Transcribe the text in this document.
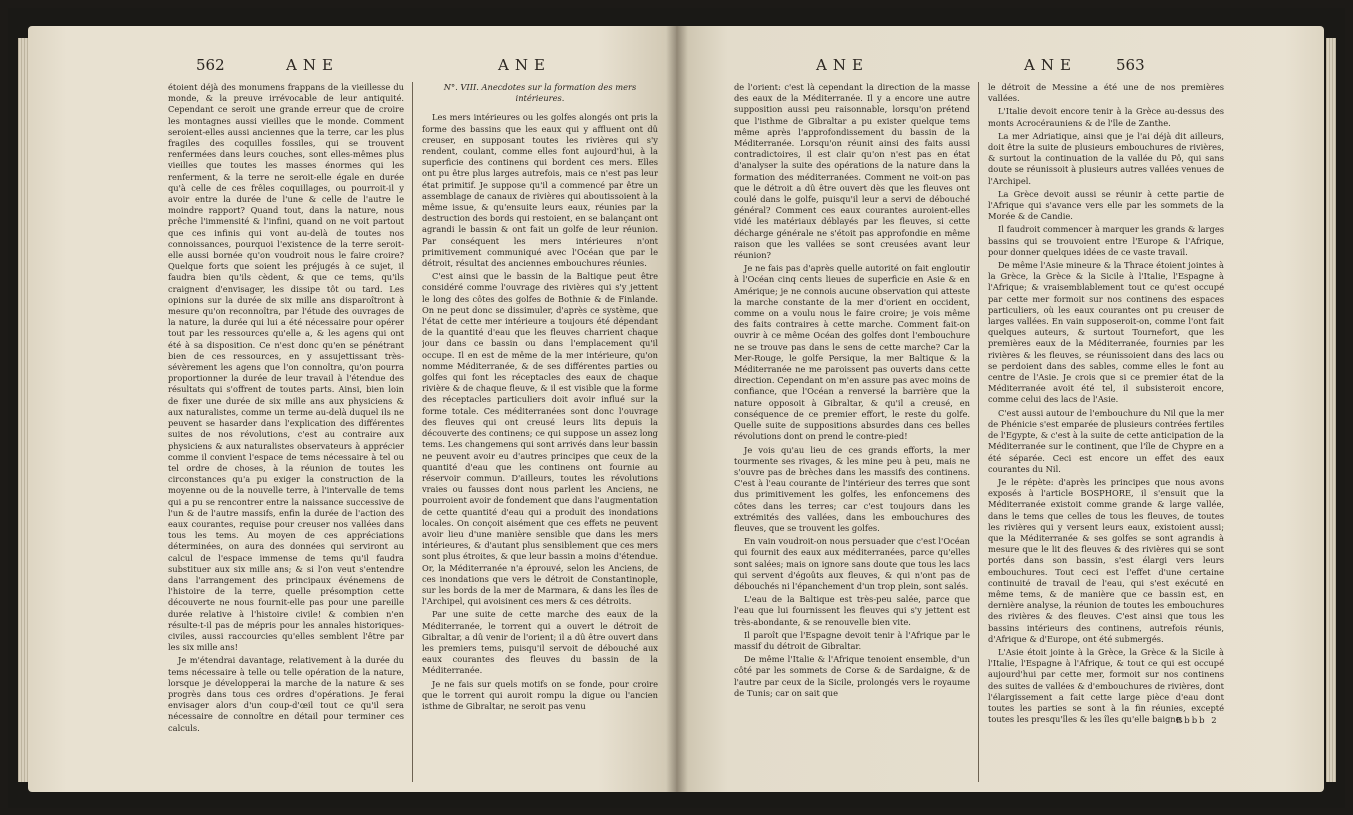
562	ANE	ANE

étoient déjà des monumens frappans de la vieillesse du monde, & la preuve irrévocable de leur antiquité. Cependant ce seroit une grande erreur que de croire les montagnes aussi vieilles que le monde. Comment seroient-elles aussi anciennes que la terre, car les plus fragiles des coquilles fossiles, qui se trouvent renfermées dans leurs couches, sont elles-mêmes plus vieilles que toutes les masses énormes qui les renferment, & la terre ne seroit-elle égale en durée qu'à celle de ces frêles coquillages, ou pourroit-il y avoir entre la durée de l'une & celle de l'autre le moindre rapport? Quand tout, dans la nature, nous prêche l'immensité & l'infini, quand on ne voit partout que ces infinis qui vont au-delà de toutes nos connoissances, pourquoi l'existence de la terre seroit-elle aussi bornée qu'on voudroit nous le faire croire? Quelque forts que soient les préjugés à ce sujet, il faudra bien qu'ils cèdent, & que ce tems, qu'ils craignent d'envisager, les dissipe tôt ou tard. Les opinions sur la durée de six mille ans disparoîtront à mesure qu'on reconnoîtra, par l'étude des ouvrages de la nature, la durée qui lui a été nécessaire pour opérer tout par les ressources qu'elle a, & les agens qui ont été à sa disposition. Ce n'est donc qu'en se pénétrant bien de ces ressources, en y assujettissant très-sévèrement les agens que l'on connoîtra, qu'on pourra proportionner la durée de leur travail à l'étendue des résultats qui s'offrent de toutes parts. Ainsi, bien loin de fixer une durée de six mille ans aux physiciens & aux naturalistes, comme un terme au-delà duquel ils ne peuvent se hasarder dans l'explication des différentes suites de nos révolutions, c'est au contraire aux physiciens & aux naturalistes observateurs à apprécier comme il convient l'espace de tems nécessaire à tel ou tel ordre de choses, à la réunion de toutes les circonstances qu'a pu exiger la construction de la moyenne ou de la nouvelle terre, à l'intervalle de tems qui a pu se rencontrer entre la naissance successive de l'un & de l'autre massifs, enfin la durée de l'action des eaux courantes, requise pour creuser nos vallées dans tous les tems. Au moyen de ces appréciations déterminées, on aura des données qui serviront au calcul de l'espace immense de tems qu'il faudra substituer aux six mille ans; & si l'on veut s'entendre dans l'arrangement des principaux événemens de l'histoire de la terre, quelle présomption cette découverte ne nous fournit-elle pas pour une pareille durée relative à l'histoire civile! & combien n'en résulte-t-il pas de mépris pour les annales historiques-civiles, aussi raccourcies qu'elles semblent l'être par les six mille ans!

Je m'étendrai davantage, relativement à la durée du tems nécessaire à telle ou telle opération de la nature, lorsque je développerai la marche de la nature & ses progrès dans tous ces ordres d'opérations. Je ferai envisager alors d'un coup-d'œil tout ce qu'il sera nécessaire de connoître en détail pour terminer ces calculs.

N°. VIII. Anecdotes sur la formation des mers intérieures.

Les mers intérieures ou les golfes alongés ont pris la forme des bassins que les eaux qui y affluent ont dû creuser, en supposant toutes les rivières qui s'y rendent, coulant, comme elles font aujourd'hui, à la superficie des continens qui bordent ces mers. Elles ont pu être plus larges autrefois, mais ce n'est pas leur état primitif. Je suppose qu'il a commencé par être un assemblage de canaux de rivières qui aboutissoient à la même issue, & qu'ensuite leurs eaux, réunies par la destruction des bords qui restoient, en se balançant ont agrandi le bassin & ont fait un golfe de leur réunion. Par conséquent les mers intérieures n'ont primitivement communiqué avec l'Océan que par le détroit, résultat des anciennes embouchures réunies.

C'est ainsi que le bassin de la Baltique peut être considéré comme l'ouvrage des rivières qui s'y jettent le long des côtes des golfes de Bothnie & de Finlande. On ne peut donc se dissimuler, d'après ce système, que l'état de cette mer intérieure a toujours été dépendant de la quantité d'eau que les fleuves charrient chaque jour dans ce bassin ou dans l'emplacement qu'il occupe. Il en est de même de la mer intérieure, qu'on nomme Méditerranée, & de ses différentes parties ou golfes qui font les réceptacles des eaux de chaque rivière & de chaque fleuve, & il est visible que la forme des réceptacles particuliers doit avoir influé sur la forme totale. Ces méditerranées sont donc l'ouvrage des fleuves qui ont creusé leurs lits depuis la découverte des continens; ce qui suppose un assez long tems. Les changemens qui sont arrivés dans leur bassin ne peuvent avoir eu d'autres principes que ceux de la quantité d'eau que les continens ont fournie au réservoir commun. D'ailleurs, toutes les révolutions vraies ou fausses dont nous parlent les Anciens, ne pourroient avoir de fondement que dans l'augmentation de cette quantité d'eau qui a produit des inondations locales. On conçoit aisément que ces effets ne peuvent avoir lieu d'une manière sensible que dans les mers intérieures, & d'autant plus sensiblement que ces mers sont plus étroites, & que leur bassin a moins d'étendue. Or, la Méditerranée n'a éprouvé, selon les Anciens, de ces inondations que vers le détroit de Constantinople, sur les bords de la mer de Marmara, & dans les îles de l'Archipel, qui avoisinent ces mers & ces détroits.

Par une suite de cette marche des eaux de la Méditerranée, le torrent qui a ouvert le détroit de Gibraltar, a dû venir de l'orient; il a dû être ouvert dans les premiers tems, puisqu'il servoit de débouché aux eaux courantes des fleuves du bassin de la Méditerranée.

Je ne fais sur quels motifs on se fonde, pour croire que le torrent qui auroit rompu la digue ou l'ancien isthme de Gibraltar, ne seroit pas venu

ANE	ANE	563

de l'orient: c'est là cependant la direction de la masse des eaux de la Méditerranée. Il y a encore une autre supposition aussi peu raisonnable, lorsqu'on prétend que l'isthme de Gibraltar a pu exister quelque tems même après l'approfondissement du bassin de la Méditerranée. Lorsqu'on réunit ainsi des faits aussi contradictoires, il est clair qu'on n'est pas en état d'analyser la suite des opérations de la nature dans la formation des méditerranées. Comment ne voit-on pas que le détroit a dû être ouvert dès que les fleuves ont coulé dans le golfe, puisqu'il leur a servi de débouché général? Comment ces eaux courantes auroient-elles vidé les matériaux déblayés par les fleuves, si cette décharge générale ne s'étoit pas approfondie en même raison que les vallées se sont creusées avant leur réunion?

Je ne fais pas d'après quelle autorité on fait engloutir à l'Océan cinq cents lieues de superficie en Asie & en Amérique; je ne connois aucune observation qui atteste la marche constante de la mer d'orient en occident, comme on a voulu nous le faire croire; je vois même des faits contraires à cette marche. Comment fait-on ouvrir à ce même Océan des golfes dont l'embouchure ne se trouve pas dans le sens de cette marche? Car la Mer-Rouge, le golfe Persique, la mer Baltique & la Méditerranée ne me paroissent pas ouverts dans cette direction. Cependant on m'en assure pas avec moins de confiance, que l'Océan a renversé la barrière que la nature opposoit à Gibraltar, & qu'il a creusé, en conséquence de ce premier effort, le reste du golfe. Quelle suite de suppositions absurdes dans ces belles révolutions dont on prend le contre-pied!

Je vois qu'au lieu de ces grands efforts, la mer tourmente ses rivages, & les mine peu à peu, mais ne s'ouvre pas de brèches dans les massifs des continens. C'est à l'eau courante de l'intérieur des terres que sont dus primitivement les golfes, les enfoncemens des côtes dans les terres; car c'est toujours dans les extrémités des vallées, dans les embouchures des fleuves, que se trouvent les golfes.

En vain voudroit-on nous persuader que c'est l'Océan qui fournit des eaux aux méditerranées, parce qu'elles sont salées; mais on ignore sans doute que tous les lacs qui servent d'égoûts aux fleuves, & qui n'ont pas de débouchés ni l'épanchement d'un trop plein, sont salés.

L'eau de la Baltique est très-peu salée, parce que l'eau que lui fournissent les fleuves qui s'y jettent est très-abondante, & se renouvelle bien vite.

Il paroît que l'Espagne devoit tenir à l'Afrique par le massif du détroit de Gibraltar.

De même l'Italie & l'Afrique tenoient ensemble, d'un côté par les sommets de Corse & de Sardaigne, & de l'autre par ceux de la Sicile, prolongés vers le royaume de Tunis; car on sait que

le détroit de Messine a été une de nos premières vallées.

L'Italie devoit encore tenir à la Grèce au-dessus des monts Acrocérauniens & de l'île de Zanthe.

La mer Adriatique, ainsi que je l'ai déjà dit ailleurs, doit être la suite de plusieurs embouchures de rivières, & surtout la continuation de la vallée du Pô, qui sans doute se réunissoit à plusieurs autres vallées venues de l'Archipel.

La Grèce devoit aussi se réunir à cette partie de l'Afrique qui s'avance vers elle par les sommets de la Morée & de Candie.

Il faudroit commencer à marquer les grands & larges bassins qui se trouvoient entre l'Europe & l'Afrique, pour donner quelques idées de ce vaste travail.

De même l'Asie mineure & la Thrace étoient jointes à la Grèce, la Grèce & la Sicile à l'Italie, l'Espagne à l'Afrique; & vraisemblablement tout ce qu'est occupé par cette mer formoit sur nos continens des espaces particuliers, où les eaux courantes ont pu creuser de larges vallées. En vain supposeroit-on, comme l'ont fait quelques auteurs, & surtout Tournefort, que les premières eaux de la Méditerranée, fournies par les rivières & les fleuves, se réunissoient dans des lacs ou se perdoient dans des sables, comme elles le font au centre de l'Asie. Je crois que si ce premier état de la Méditerranée avoit été tel, il subsisteroit encore, comme celui des lacs de l'Asie.

C'est aussi autour de l'embouchure du Nil que la mer de Phénicie s'est emparée de plusieurs contrées fertiles de l'Egypte, & c'est à la suite de cette anticipation de la Méditerranée sur le continent, que l'île de Chypre en a été séparée. Ceci est encore un effet des eaux courantes du Nil.

Je le répète: d'après les principes que nous avons exposés à l'article BOSPHORE, il s'ensuit que la Méditerranée existoit comme grande & large vallée, dans le tems que celles de tous les fleuves, de toutes les rivières qui y versent leurs eaux, existoient aussi; que la Méditerranée & ses golfes se sont agrandis à mesure que le lit des fleuves & des rivières qui se sont portés dans son bassin, s'est élargi vers leurs embouchures. Tout ceci est l'effet d'une certaine continuité de travail de l'eau, qui s'est exécuté en même tems, & de manière que ce bassin est, en dernière analyse, la réunion de toutes les embouchures des rivières & des fleuves. C'est ainsi que tous les bassins intérieurs des continens, autrefois réunis, d'Afrique & d'Europe, ont été submergés.

L'Asie étoit jointe à la Grèce, la Grèce & la Sicile à l'Italie, l'Espagne à l'Afrique, & tout ce qui est occupé aujourd'hui par cette mer, formoit sur nos continens des suites de vallées & d'embouchures de rivières, dont l'élargissement a fait cette large pièce d'eau dont toutes les parties se sont à la fin réunies, excepté toutes les presqu'îles & les îles qu'elle baigne.

Bbbb 2
